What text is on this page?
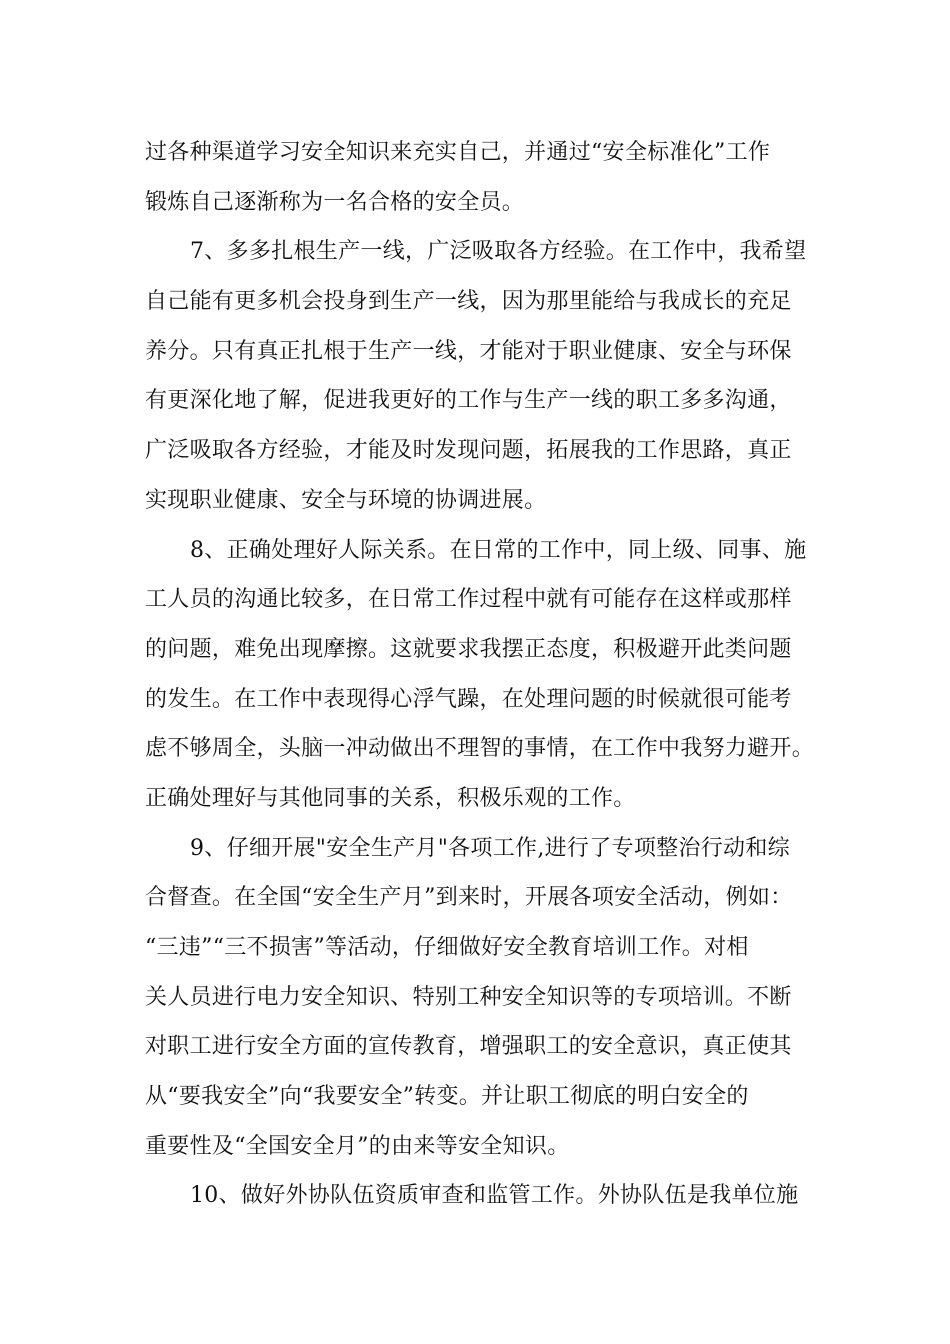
过各种渠道学习安全知识来充实自己，并通过“安全标准化”工作
锻炼自己逐渐称为一名合格的安全员。
7、多多扎根生产一线，广泛吸取各方经验。在工作中，我希望
自己能有更多机会投身到生产一线，因为那里能给与我成长的充足
养分。只有真正扎根于生产一线，才能对于职业健康、安全与环保
有更深化地了解，促进我更好的工作与生产一线的职工多多沟通，
广泛吸取各方经验，才能及时发现问题，拓展我的工作思路，真正
实现职业健康、安全与环境的协调进展。
8、正确处理好人际关系。在日常的工作中，同上级、同事、施
工人员的沟通比较多，在日常工作过程中就有可能存在这样或那样
的问题，难免出现摩擦。这就要求我摆正态度，积极避开此类问题
的发生。在工作中表现得心浮气躁，在处理问题的时候就很可能考
虑不够周全，头脑一冲动做出不理智的事情，在工作中我努力避开。
正确处理好与其他同事的关系，积极乐观的工作。
9、仔细开展"安全生产月"各项工作,进行了专项整治行动和综
合督查。在全国“安全生产月”到来时，开展各项安全活动，例如：
“三违”“三不损害”等活动，仔细做好安全教育培训工作。对相
关人员进行电力安全知识、特别工种安全知识等的专项培训。不断
对职工进行安全方面的宣传教育，增强职工的安全意识，真正使其
从“要我安全”向“我要安全”转变。并让职工彻底的明白安全的
重要性及“全国安全月”的由来等安全知识。
10、做好外协队伍资质审查和监管工作。外协队伍是我单位施
